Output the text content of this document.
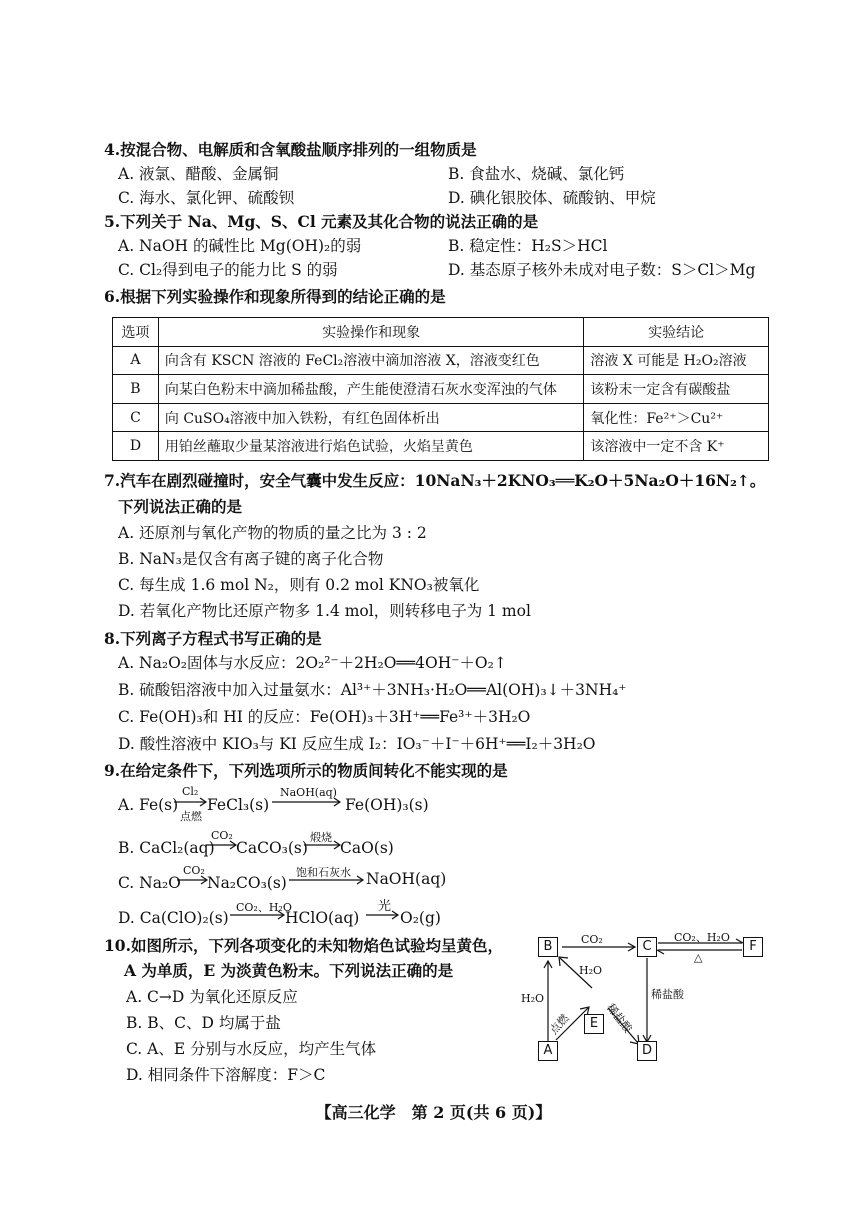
4.按混合物、电解质和含氧酸盐顺序排列的一组物质是
A. 液氯、醋酸、金属铜	B. 食盐水、烧碱、氯化钙
C. 海水、氯化钾、硫酸钡	D. 碘化银胶体、硫酸钠、甲烷
5.下列关于 Na、Mg、S、Cl 元素及其化合物的说法正确的是
A. NaOH 的碱性比 Mg(OH)₂的弱	B. 稳定性：H₂S＞HCl
C. Cl₂得到电子的能力比 S 的弱	D. 基态原子核外未成对电子数：S＞Cl＞Mg
6.根据下列实验操作和现象所得到的结论正确的是
选项	实验操作和现象	实验结论
A	向含有 KSCN 溶液的 FeCl₂溶液中滴加溶液 X，溶液变红色	溶液 X 可能是 H₂O₂溶液
B	向某白色粉末中滴加稀盐酸，产生能使澄清石灰水变浑浊的气体	该粉末一定含有碳酸盐
C	向 CuSO₄溶液中加入铁粉，有红色固体析出	氧化性：Fe²⁺＞Cu²⁺
D	用铂丝蘸取少量某溶液进行焰色试验，火焰呈黄色	该溶液中一定不含 K⁺
7.汽车在剧烈碰撞时，安全气囊中发生反应：10NaN₃＋2KNO₃══K₂O＋5Na₂O＋16N₂↑。
下列说法正确的是
A. 还原剂与氧化产物的物质的量之比为 3 : 2
B. NaN₃是仅含有离子键的离子化合物
C. 每生成 1.6 mol N₂，则有 0.2 mol KNO₃被氧化
D. 若氧化产物比还原产物多 1.4 mol，则转移电子为 1 mol
8.下列离子方程式书写正确的是
A. Na₂O₂固体与水反应：2O₂²⁻＋2H₂O══4OH⁻＋O₂↑
B. 硫酸铝溶液中加入过量氨水：Al³⁺＋3NH₃·H₂O══Al(OH)₃↓＋3NH₄⁺
C. Fe(OH)₃和 HI 的反应：Fe(OH)₃＋3H⁺══Fe³⁺＋3H₂O
D. 酸性溶液中 KIO₃与 KI 反应生成 I₂：IO₃⁻＋I⁻＋6H⁺══I₂＋3H₂O
9.在给定条件下，下列选项所示的物质间转化不能实现的是
A. Fe(s)
Cl₂
点燃
FeCl₃(s)
NaOH(aq)
Fe(OH)₃(s)
B. CaCl₂(aq)
CO₂
CaCO₃(s)
煅烧
CaO(s)
C. Na₂O
CO₂
Na₂CO₃(s)
饱和石灰水 NaOH(aq)
D. Ca(ClO)₂(s)
CO₂、H₂O
HClO(aq)
光
O₂(g)
10.如图所示，下列各项变化的未知物焰色试验均呈黄色，
A 为单质，E 为淡黄色粉末。下列说法正确的是
A. C→D 为氧化还原反应
B. B、C、D 均属于盐
C. A、E 分别与水反应，均产生气体
D. 相同条件下溶解度：F＞C
B	C	F
E
A	D
CO₂	CO₂、H₂O
△
H₂O
H₂O
点燃	稀盐酸
稀盐酸
【高三化学　第 2 页(共 6 页)】
